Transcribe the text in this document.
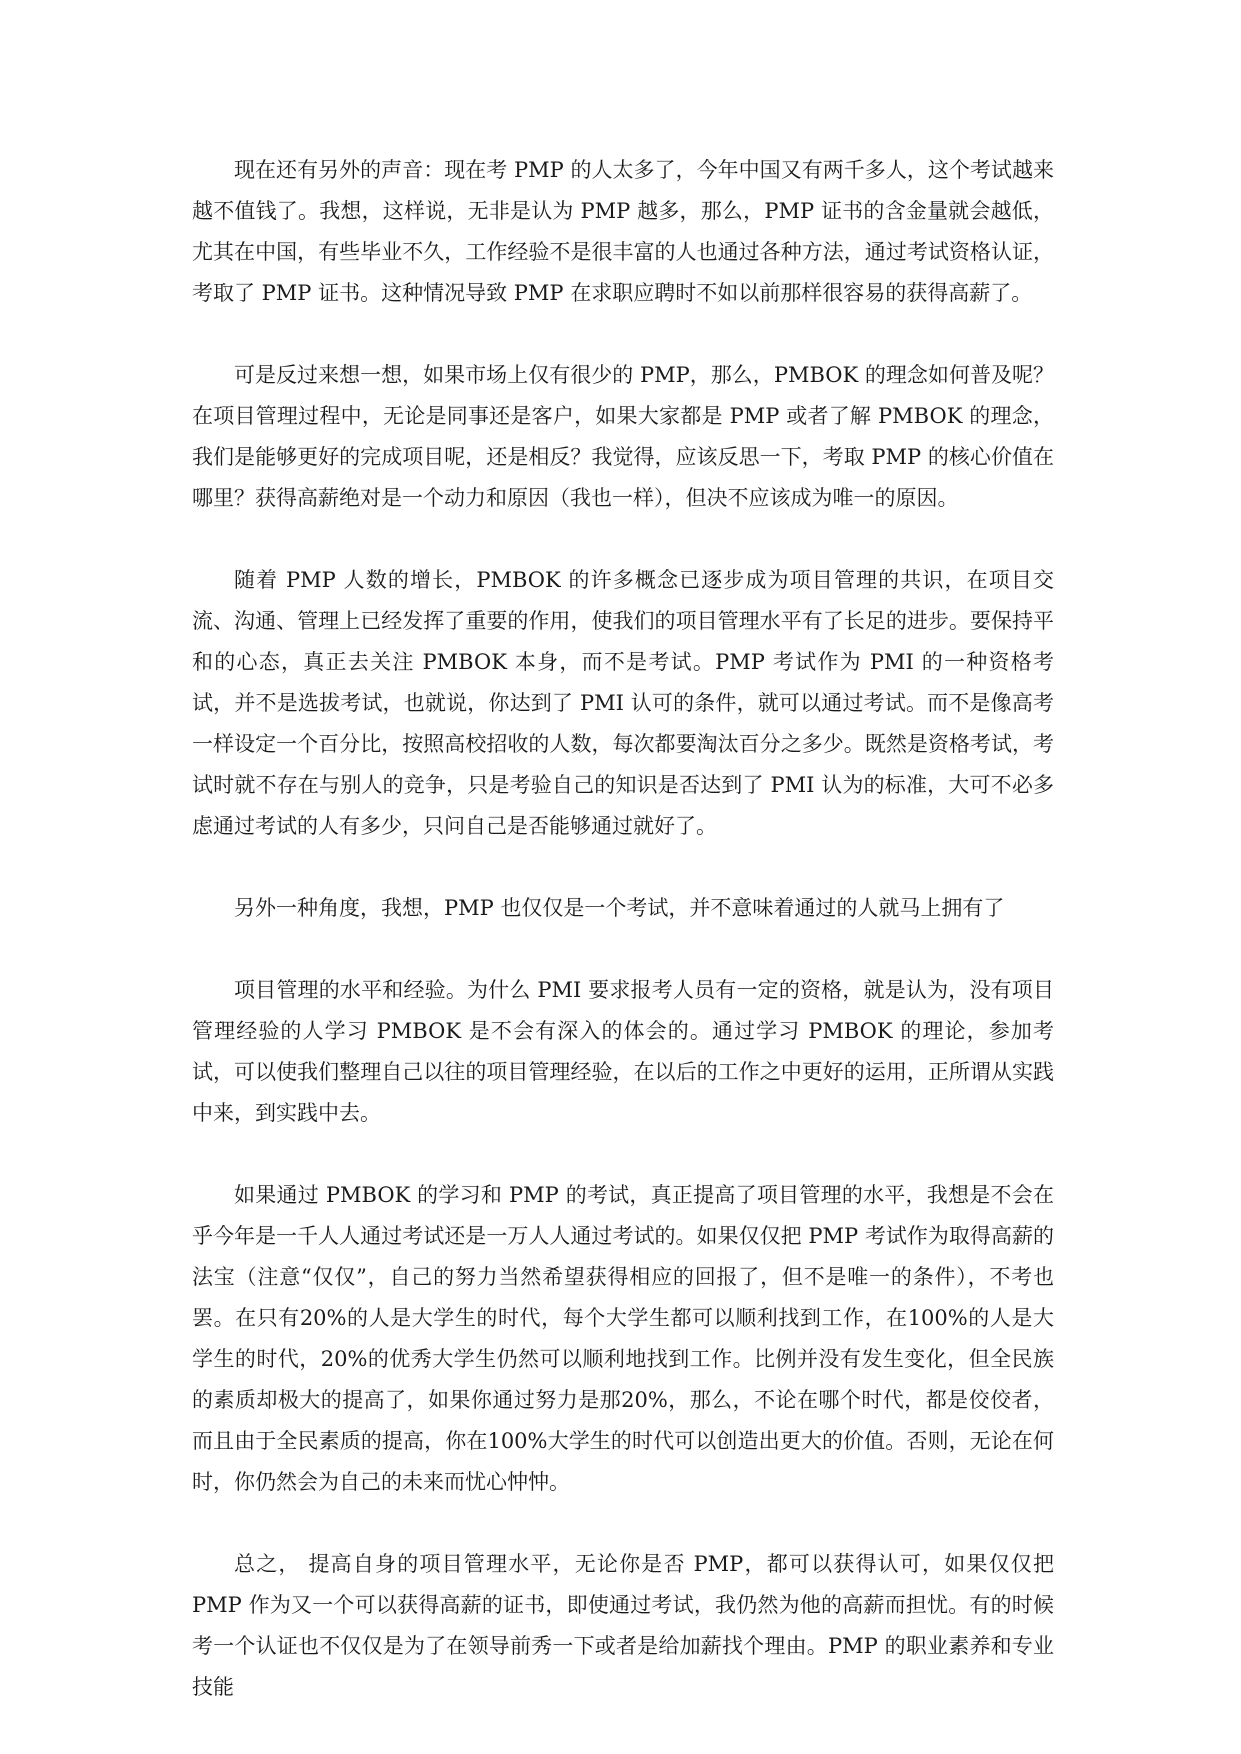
现在还有另外的声音：现在考 PMP 的人太多了，今年中国又有两千多人，这个考试越来越不值钱了。我想，这样说，无非是认为 PMP 越多，那么，PMP 证书的含金量就会越低，尤其在中国，有些毕业不久，工作经验不是很丰富的人也通过各种方法，通过考试资格认证，考取了 PMP 证书。这种情况导致 PMP 在求职应聘时不如以前那样很容易的获得高薪了。

可是反过来想一想，如果市场上仅有很少的 PMP，那么，PMBOK 的理念如何普及呢？在项目管理过程中，无论是同事还是客户，如果大家都是 PMP 或者了解 PMBOK 的理念，我们是能够更好的完成项目呢，还是相反？我觉得，应该反思一下，考取 PMP 的核心价值在哪里？获得高薪绝对是一个动力和原因（我也一样），但决不应该成为唯一的原因。

随着 PMP 人数的增长，PMBOK 的许多概念已逐步成为项目管理的共识，在项目交流、沟通、管理上已经发挥了重要的作用，使我们的项目管理水平有了长足的进步。要保持平和的心态，真正去关注 PMBOK 本身，而不是考试。PMP 考试作为 PMI 的一种资格考试，并不是选拔考试，也就说，你达到了 PMI 认可的条件，就可以通过考试。而不是像高考一样设定一个百分比，按照高校招收的人数，每次都要淘汰百分之多少。既然是资格考试，考试时就不存在与别人的竞争，只是考验自己的知识是否达到了 PMI 认为的标准，大可不必多虑通过考试的人有多少，只问自己是否能够通过就好了。

另外一种角度，我想，PMP 也仅仅是一个考试，并不意味着通过的人就马上拥有了

项目管理的水平和经验。为什么 PMI 要求报考人员有一定的资格，就是认为，没有项目管理经验的人学习 PMBOK 是不会有深入的体会的。通过学习 PMBOK 的理论，参加考试，可以使我们整理自己以往的项目管理经验，在以后的工作之中更好的运用，正所谓从实践中来，到实践中去。

如果通过 PMBOK 的学习和 PMP 的考试，真正提高了项目管理的水平，我想是不会在乎今年是一千人人通过考试还是一万人人通过考试的。如果仅仅把 PMP 考试作为取得高薪的法宝（注意“仅仅”，自己的努力当然希望获得相应的回报了，但不是唯一的条件），不考也罢。在只有20%的人是大学生的时代，每个大学生都可以顺利找到工作，在100%的人是大学生的时代，20%的优秀大学生仍然可以顺利地找到工作。比例并没有发生变化，但全民族的素质却极大的提高了，如果你通过努力是那20%，那么，不论在哪个时代，都是佼佼者，而且由于全民素质的提高，你在100%大学生的时代可以创造出更大的价值。否则，无论在何时，你仍然会为自己的未来而忧心忡忡。

总之， 提高自身的项目管理水平，无论你是否 PMP，都可以获得认可，如果仅仅把 PMP 作为又一个可以获得高薪的证书，即使通过考试，我仍然为他的高薪而担忧。有的时候考一个认证也不仅仅是为了在领导前秀一下或者是给加薪找个理由。PMP 的职业素养和专业技能
